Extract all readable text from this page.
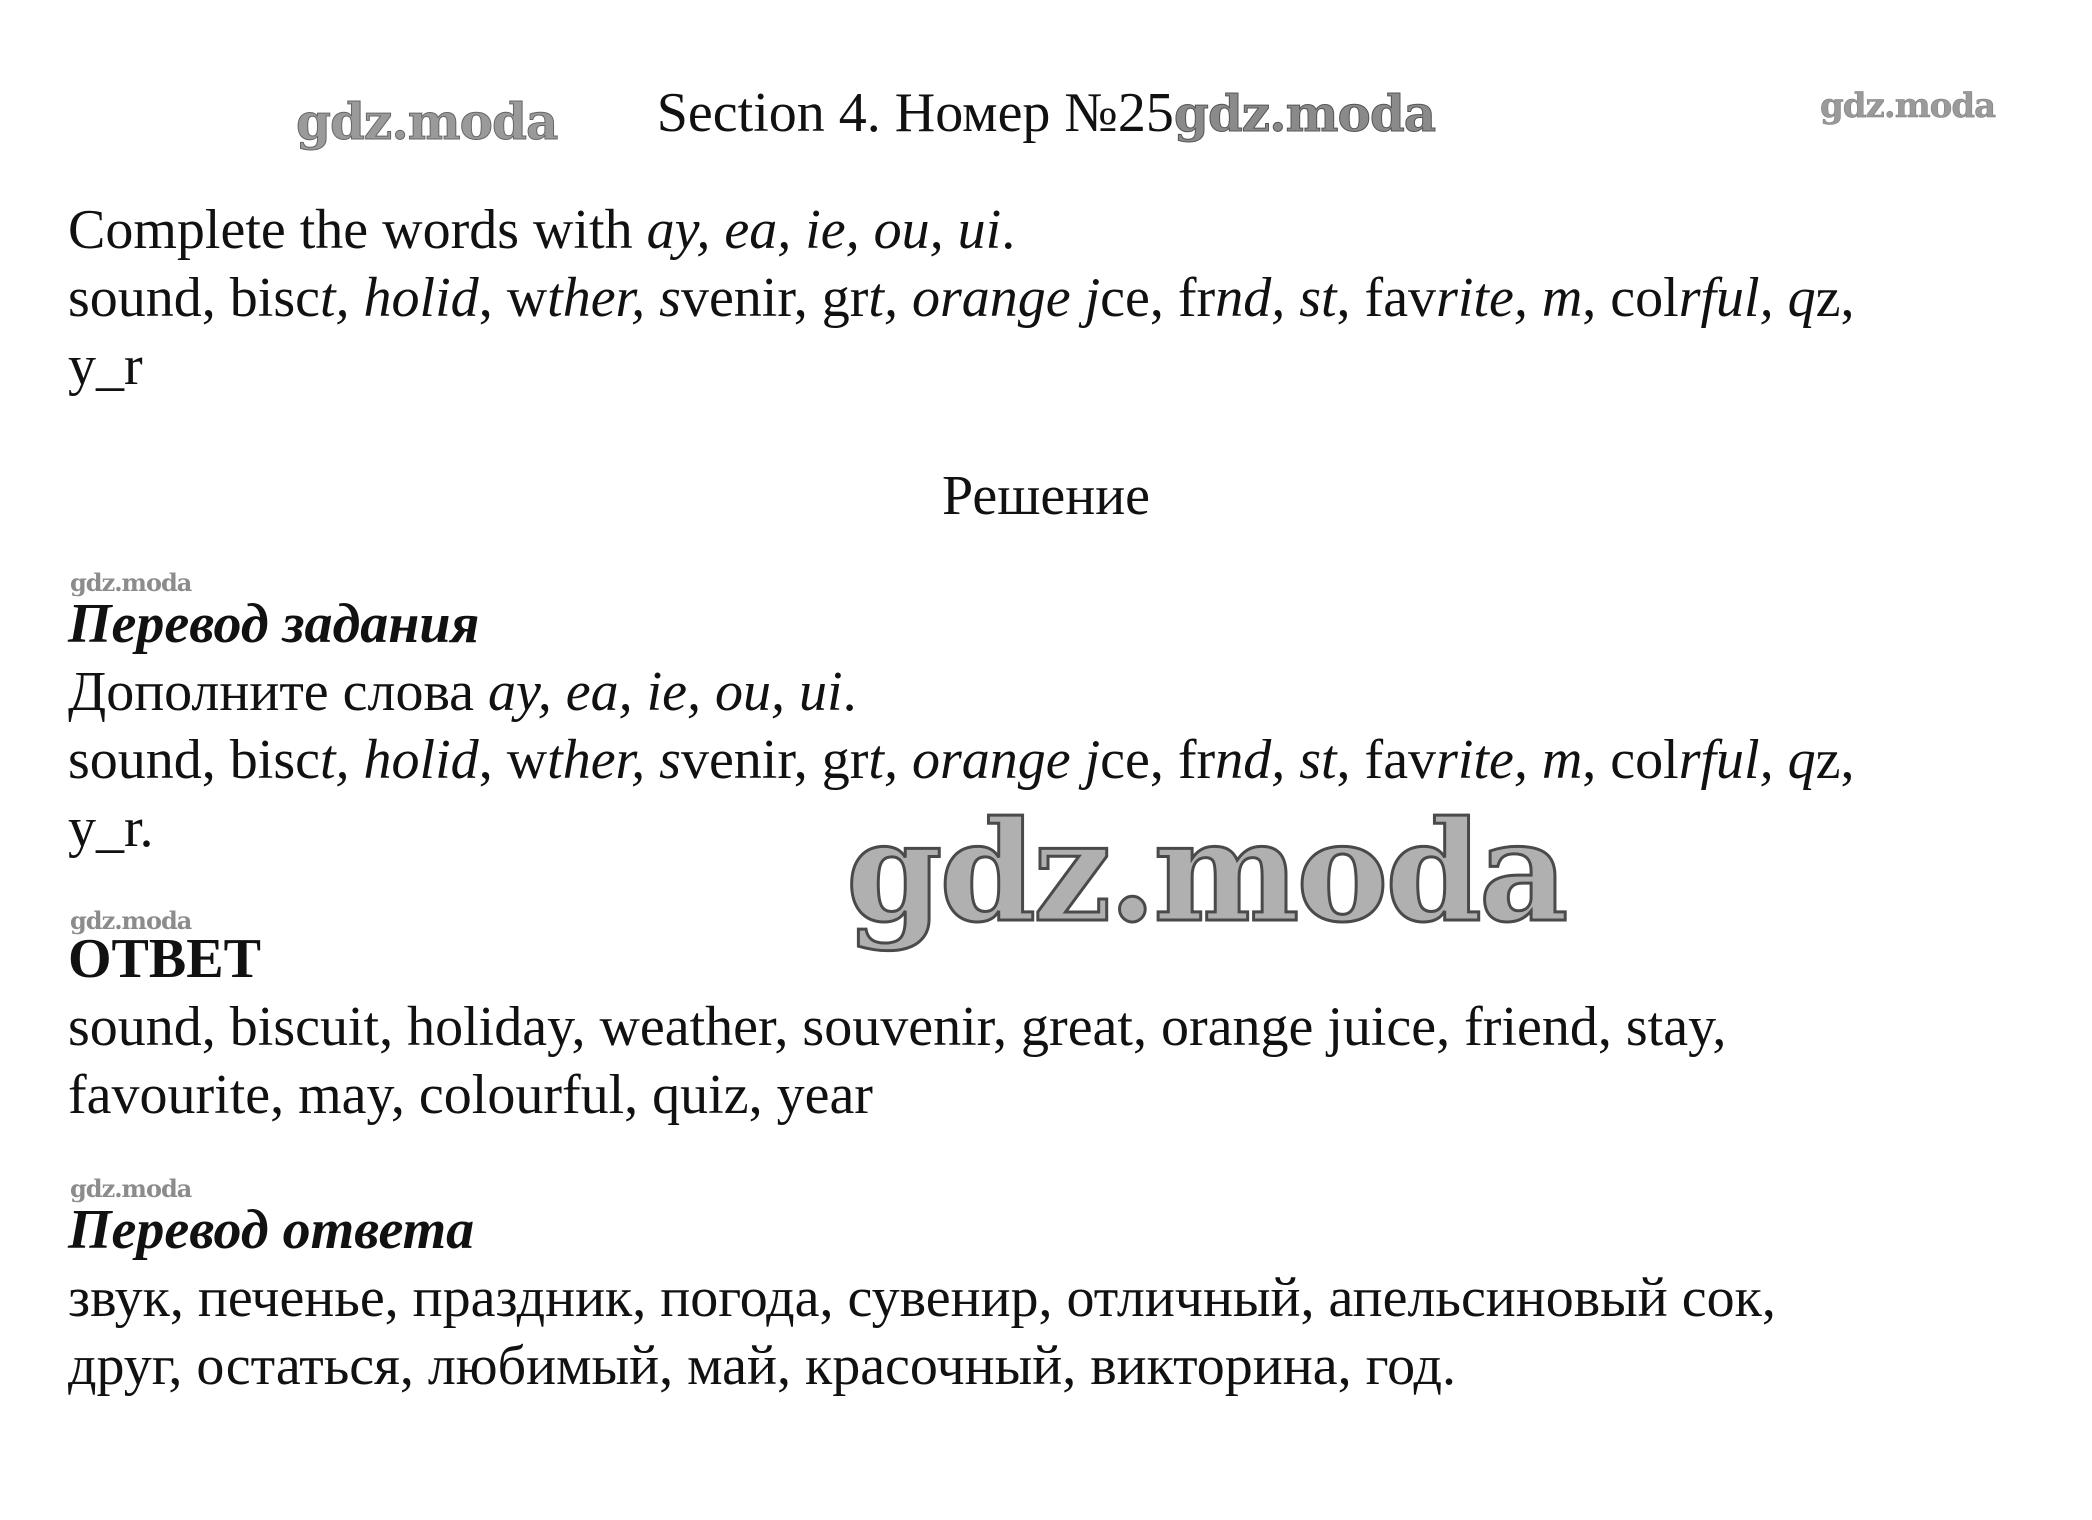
gdz.moda	gdz.moda
Section 4. Номер №25gdz.moda
Complete the words with ay, ea, ie, ou, ui.
sound, bisct, holid, wther, svenir, grt, orange jce, frnd, st, favrite, m, colrful, qz,
y_r
Решение
gdz.moda
Перевод задания
Дополните слова ay, ea, ie, ou, ui.
sound, bisct, holid, wther, svenir, grt, orange jce, frnd, st, favrite, m, colrful, qz,
y_r.	gdz.moda
gdz.moda
ОТВЕТ
sound, biscuit, holiday, weather, souvenir, great, orange juice, friend, stay,
favourite, may, colourful, quiz, year
gdz.moda
Перевод ответа
звук, печенье, праздник, погода, сувенир, отличный, апельсиновый сок,
друг, остаться, любимый, май, красочный, викторина, год.
